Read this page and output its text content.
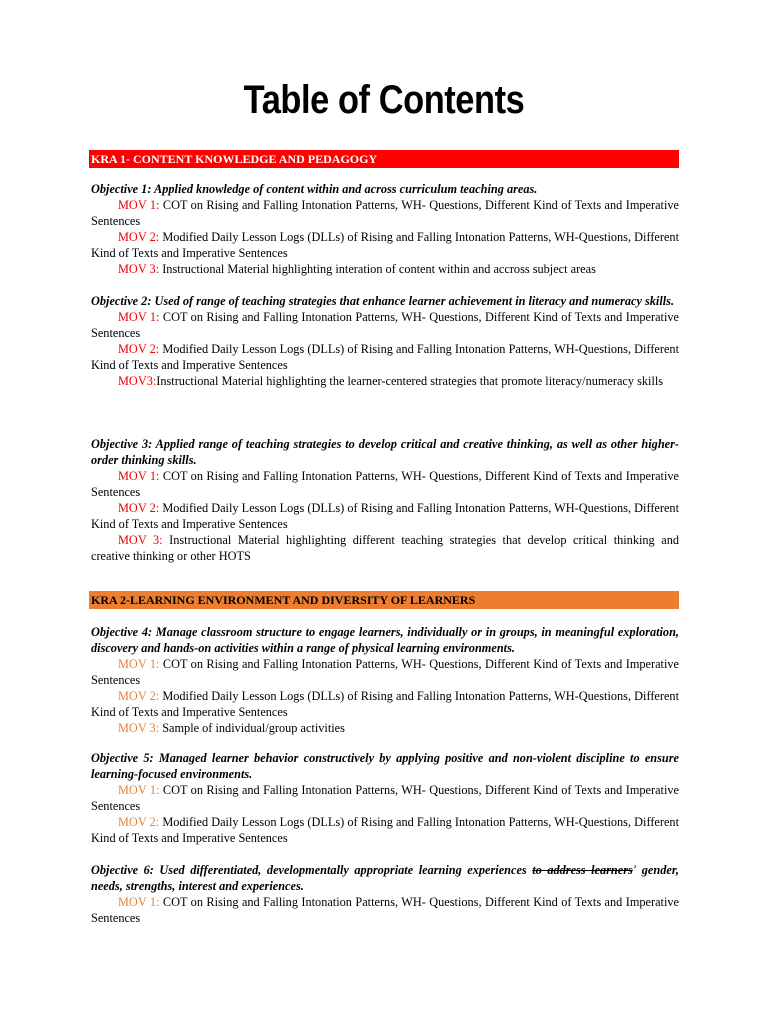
Table of Contents
KRA 1- CONTENT KNOWLEDGE AND PEDAGOGY
Objective 1: Applied knowledge of content within and across curriculum teaching areas.
MOV 1: COT on Rising and Falling Intonation Patterns, WH- Questions, Different Kind of Texts and Imperative Sentences
MOV 2: Modified Daily Lesson Logs (DLLs) of Rising and Falling Intonation Patterns, WH-Questions, Different Kind of Texts and Imperative Sentences
MOV 3: Instructional Material highlighting interation of content within and accross subject areas
Objective 2: Used of range of teaching strategies that enhance learner achievement in literacy and numeracy skills.
MOV 1: COT on Rising and Falling Intonation Patterns, WH- Questions, Different Kind of Texts and Imperative Sentences
MOV 2: Modified Daily Lesson Logs (DLLs) of Rising and Falling Intonation Patterns, WH-Questions, Different Kind of Texts and Imperative Sentences
MOV3:Instructional Material highlighting the learner-centered strategies that promote literacy/numeracy skills
Objective 3: Applied range of teaching strategies to develop critical and creative thinking, as well as other higher-order thinking skills.
MOV 1: COT on Rising and Falling Intonation Patterns, WH- Questions, Different Kind of Texts and Imperative Sentences
MOV 2: Modified Daily Lesson Logs (DLLs) of Rising and Falling Intonation Patterns, WH-Questions, Different Kind of Texts and Imperative Sentences
MOV 3: Instructional Material highlighting different teaching strategies that develop critical thinking and creative thinking or other HOTS
KRA 2-LEARNING ENVIRONMENT AND DIVERSITY OF LEARNERS
Objective 4: Manage classroom structure to engage learners, individually or in groups, in meaningful exploration, discovery and hands-on activities within a range of physical learning environments.
MOV 1: COT on Rising and Falling Intonation Patterns, WH- Questions, Different Kind of Texts and Imperative Sentences
MOV 2: Modified Daily Lesson Logs (DLLs) of Rising and Falling Intonation Patterns, WH-Questions, Different Kind of Texts and Imperative Sentences
MOV 3: Sample of individual/group activities
Objective 5: Managed learner behavior constructively by applying positive and non-violent discipline to ensure learning-focused environments.
MOV 1: COT on Rising and Falling Intonation Patterns, WH- Questions, Different Kind of Texts and Imperative Sentences
MOV 2: Modified Daily Lesson Logs (DLLs) of Rising and Falling Intonation Patterns, WH-Questions, Different Kind of Texts and Imperative Sentences
Objective 6: Used differentiated, developmentally appropriate learning experiences to address learners' gender, needs, strengths, interest and experiences.
MOV 1: COT on Rising and Falling Intonation Patterns, WH- Questions, Different Kind of Texts and Imperative Sentences
